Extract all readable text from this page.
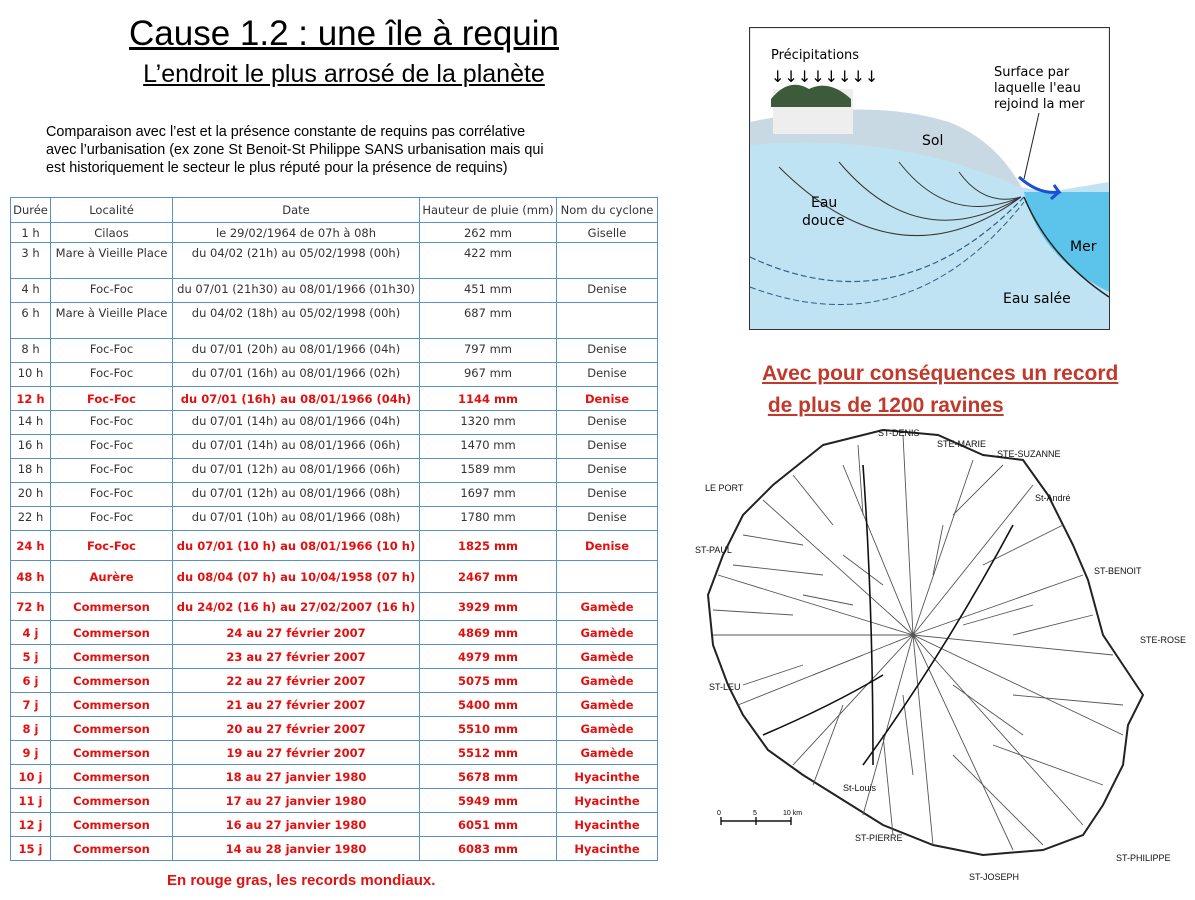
Cause 1.2 : une île à requin
L’endroit le plus arrosé de la planète
Comparaison avec l’est et la présence constante de requins pas corrélative
avec l’urbanisation (ex zone St Benoit-St Philippe SANS urbanisation mais qui
est historiquement le secteur le plus réputé pour la présence de requins)
Durée	Localité	Date	Hauteur de pluie (mm)	Nom du cyclone
1 h	Cilaos	le 29/02/1964 de 07h à 08h	262 mm	Giselle
3 h	Mare à Vieille Place	du 04/02 (21h) au 05/02/1998 (00h)	422 mm	
4 h	Foc-Foc	du 07/01 (21h30) au 08/01/1966 (01h30)	451 mm	Denise
6 h	Mare à Vieille Place	du 04/02 (18h) au 05/02/1998 (00h)	687 mm	
8 h	Foc-Foc	du 07/01 (20h) au 08/01/1966 (04h)	797 mm	Denise
10 h	Foc-Foc	du 07/01 (16h) au 08/01/1966 (02h)	967 mm	Denise
12 h	Foc-Foc	du 07/01 (16h) au 08/01/1966 (04h)	1144 mm	Denise
14 h	Foc-Foc	du 07/01 (14h) au 08/01/1966 (04h)	1320 mm	Denise
16 h	Foc-Foc	du 07/01 (14h) au 08/01/1966 (06h)	1470 mm	Denise
18 h	Foc-Foc	du 07/01 (12h) au 08/01/1966 (06h)	1589 mm	Denise
20 h	Foc-Foc	du 07/01 (12h) au 08/01/1966 (08h)	1697 mm	Denise
22 h	Foc-Foc	du 07/01 (10h) au 08/01/1966 (08h)	1780 mm	Denise
24 h	Foc-Foc	du 07/01 (10 h) au 08/01/1966 (10 h)	1825 mm	Denise
48 h	Aurère	du 08/04 (07 h) au 10/04/1958 (07 h)	2467 mm	
72 h	Commerson	du 24/02 (16 h) au 27/02/2007 (16 h)	3929 mm	Gamède
4 j	Commerson	24 au 27 février 2007	4869 mm	Gamède
5 j	Commerson	23 au 27 février 2007	4979 mm	Gamède
6 j	Commerson	22 au 27 février 2007	5075 mm	Gamède
7 j	Commerson	21 au 27 février 2007	5400 mm	Gamède
8 j	Commerson	20 au 27 février 2007	5510 mm	Gamède
9 j	Commerson	19 au 27 février 2007	5512 mm	Gamède
10 j	Commerson	18 au 27 janvier 1980	5678 mm	Hyacinthe
11 j	Commerson	17 au 27 janvier 1980	5949 mm	Hyacinthe
12 j	Commerson	16 au 27 janvier 1980	6051 mm	Hyacinthe
15 j	Commerson	14 au 28 janvier 1980	6083 mm	Hyacinthe
En rouge gras, les records mondiaux.
Précipitations
↓↓↓↓↓↓↓↓	Surface par
laquelle l'eau
rejoind la mer
Sol
Eau
douce
Mer
Eau salée
Avec pour conséquences un record
de plus de 1200 ravines
ST-DENIS
STE-MARIE
STE-SUZANNE
LE PORT
ST-PAUL
ST-BENOIT
STE-ROSE
ST-LEU
St-Louis
ST-PIERRE
ST-PHILIPPE
ST-JOSEPH
St-André
0	5	10 km
